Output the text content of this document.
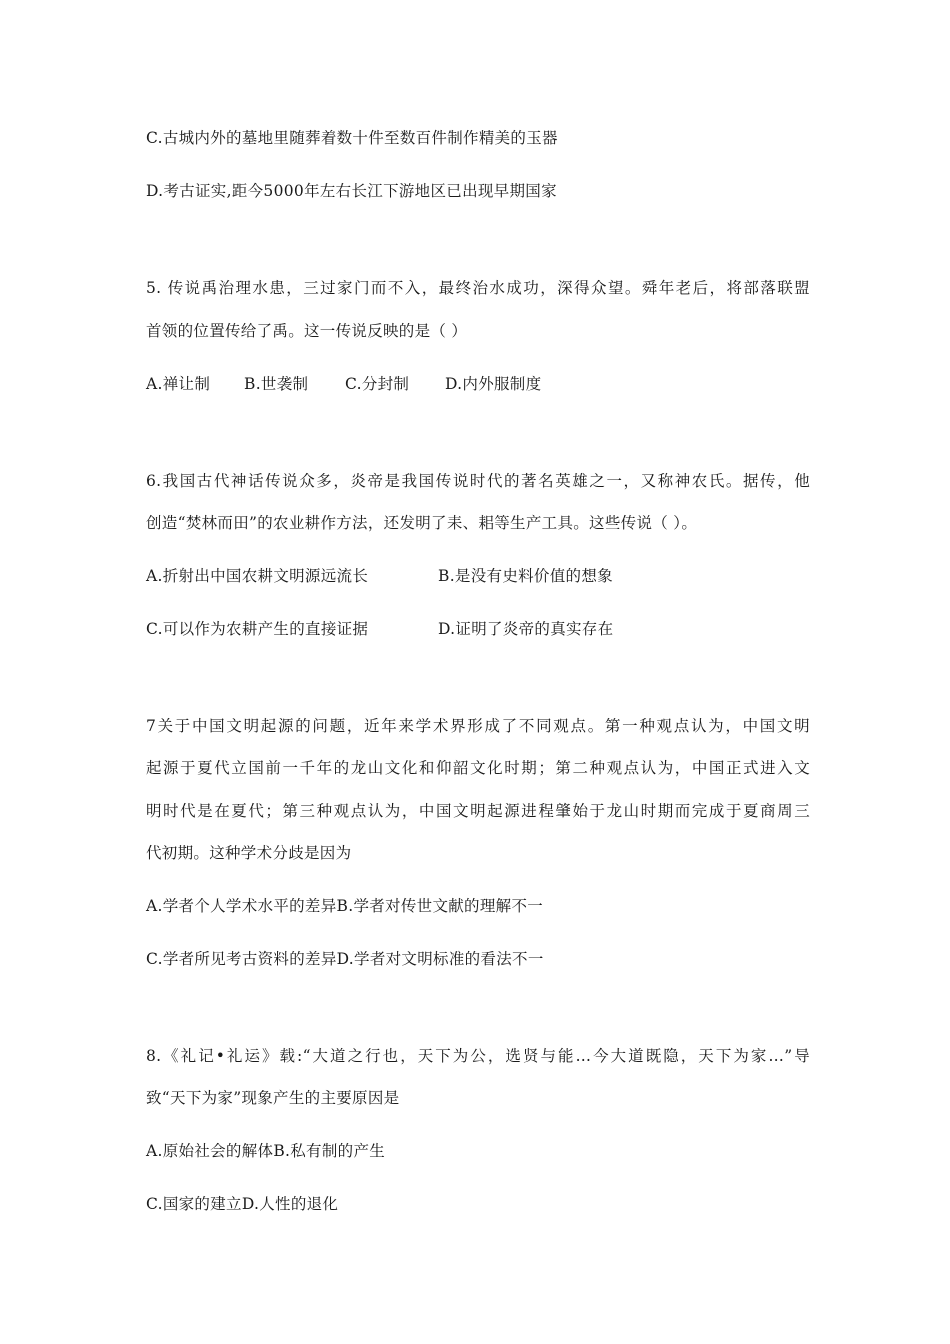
C.古城内外的墓地里随葬着数十件至数百件制作精美的玉器
D.考古证实,距今5000年左右长江下游地区已出现早期国家
5. 传说禹治理水患，三过家门而不入，最终治水成功，深得众望。舜年老后，将部落联盟
首领的位置传给了禹。这一传说反映的是（ ）
A.禅让制 B.世袭制 C.分封制 D.内外服制度
6.我国古代神话传说众多，炎帝是我国传说时代的著名英雄之一，又称神农氏。据传，他
创造“焚林而田”的农业耕作方法，还发明了耒、耜等生产工具。这些传说（ ）。
A.折射出中国农耕文明源远流长	B.是没有史料价值的想象
C.可以作为农耕产生的直接证据	D.证明了炎帝的真实存在
7关于中国文明起源的问题，近年来学术界形成了不同观点。第一种观点认为，中国文明
起源于夏代立国前一千年的龙山文化和仰韶文化时期；第二种观点认为，中国正式进入文
明时代是在夏代；第三种观点认为，中国文明起源进程肇始于龙山时期而完成于夏商周三
代初期。这种学术分歧是因为
A.学者个人学术水平的差异B.学者对传世文献的理解不一
C.学者所见考古资料的差异D.学者对文明标准的看法不一
8.《礼记•礼运》载:“大道之行也，天下为公，选贤与能…今大道既隐，天下为家…”导
致“天下为家”现象产生的主要原因是
A.原始社会的解体B.私有制的产生
C.国家的建立D.人性的退化
